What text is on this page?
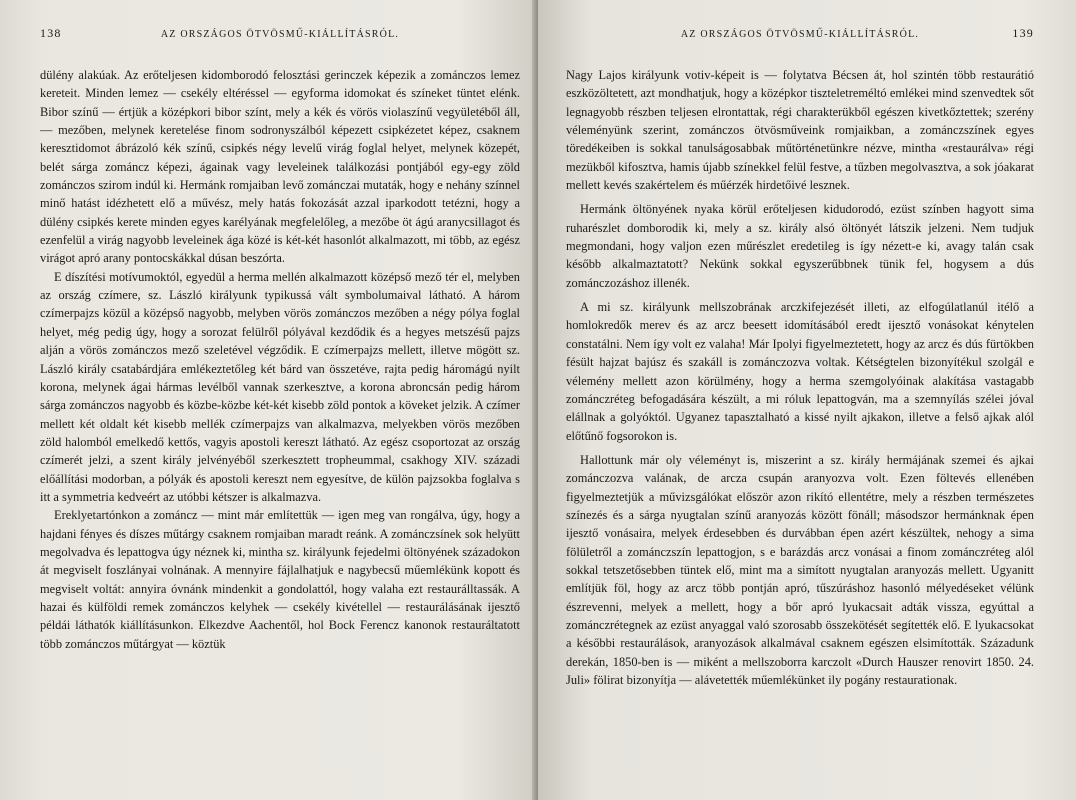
138	AZ ORSZÁGOS ÖTVÖSMŰ-KIÁLLÍTÁSRÓL.

dülény alakúak. Az erőteljesen kidomborodó felosztási gerinczek képezik a zománczos lemez kereteit. Minden lemez — csekély eltéréssel — egyforma idomokat és színeket tüntet elénk. Bibor színű — értjük a középkori bibor színt, mely a kék és vörös violaszínű vegyületéből áll, — mezőben, melynek keretelése finom sodronyszálból képezett csipkézetet képez, csaknem keresztidomot ábrázoló kék színű, csipkés négy levelű virág foglal helyet, melynek közepét, belét sárga zománcz képezi, ágainak vagy leveleinek találkozási pontjából egy-egy zöld zománczos szirom indúl ki. Hermánk romjaiban levő zománczai mutaták, hogy e nehány színnel minő hatást idézhetett elő a művész, mely hatás fokozását azzal iparkodott tetézni, hogy a dülény csipkés kerete minden egyes karélyának megfelelőleg, a mezőbe öt ágú aranycsillagot és ezenfelül a virág nagyobb leveleinek ága közé is két-két hasonlót alkalmazott, mi több, az egész virágot apró arany pontocskákkal dúsan beszórta.

E díszítési motívumoktól, egyedül a herma mellén alkalmazott középső mező tér el, melyben az ország czímere, sz. László királyunk typikussá vált symbolumaival látható. A három czímerpajzs közül a középső nagyobb, melyben vörös zománczos mezőben a négy pólya foglal helyet, még pedig úgy, hogy a sorozat felülről pólyával kezdődik és a hegyes metszésű pajzs alján a vörös zománczos mező szeletével végződik. E czímerpajzs mellett, illetve mögött sz. László király csatabárdjára emlékeztetőleg két bárd van összetéve, rajta pedig háromágú nyilt korona, melynek ágai hármas levélből vannak szerkesztve, a korona abroncsán pedig három sárga zománczos nagyobb és közbe-közbe két-két kisebb zöld pontok a köveket jelzik. A czímer mellett két oldalt két kisebb mellék czímerpajzs van alkalmazva, melyekben vörös mezőben zöld halomból emelkedő kettős, vagyis apostoli kereszt látható. Az egész csoportozat az ország czímerét jelzi, a szent király jelvényéből szerkesztett tropheummal, csakhogy XIV. századi előállítási modorban, a pólyák és apostoli kereszt nem egyesítve, de külön pajzsokba foglalva s itt a symmetria kedveért az utóbbi kétszer is alkalmazva.

Ereklyetartónkon a zománcz — mint már említettük — igen meg van rongálva, úgy, hogy a hajdani fényes és díszes műtárgy csaknem romjaiban maradt reánk. A zománczsínek sok helyütt megolvadva és lepattogva úgy néznek ki, mintha sz. királyunk fejedelmi öltönyének századokon át megviselt foszlányai volnának. A mennyire fájlalhatjuk e nagybecsű műemlékünk kopott és megviselt voltát: annyira óvnánk mindenkit a gondolattól, hogy valaha ezt restaurálltassák. A hazai és külföldi remek zománczos kelyhek — csekély kivétellel — restaurálásának ijesztő példái láthatók kiállításunkon. Elkezdve Aachentől, hol Bock Ferencz kanonok restauráltatott több zománczos műtárgyat — köztük

AZ ORSZÁGOS ÖTVÖSMŰ-KIÁLLÍTÁSRÓL.	139

Nagy Lajos királyunk votiv-képeit is — folytatva Bécsen át, hol szintén több restaurátió eszközöltetett, azt mondhatjuk, hogy a középkor tiszteletreméltó emlékei mind szenvedtek sőt legnagyobb részben teljesen elrontattak, régi charakterükből egészen kivetkőztettek; szerény véleményünk szerint, zománczos ötvösműveink romjaikban, a zománczszínek egyes töredékeiben is sokkal tanulságosabbak műtörténetünkre nézve, mintha «restaurálva» régi mezükből kifosztva, hamis újabb színekkel felül festve, a tűzben megolvasztva, a sok jóakarat mellett kevés szakértelem és műérzék hirdetőivé lesznek.

Hermánk öltönyének nyaka körül erőteljesen kidudorodó, ezüst színben hagyott sima ruharészlet domborodik ki, mely a sz. király alsó öltönyét látszik jelzeni. Nem tudjuk megmondani, hogy valjon ezen műrészlet eredetileg is így nézett-e ki, avagy talán csak később alkalmaztatott? Nekünk sokkal egyszerűbbnek tünik fel, hogysem a dús zománczozáshoz illenék.

A mi sz. királyunk mellszobrának arczkifejezését illeti, az elfogúlatlanúl itélő a homlokredők merev és az arcz beesett idomításából eredt ijesztő vonásokat kénytelen constatálni. Nem így volt ez valaha! Már Ipolyi figyelmeztetett, hogy az arcz és dús fürtökben fésült hajzat bajúsz és szakáll is zománczozva voltak. Kétségtelen bizonyítékul szolgál e vélemény mellett azon körülmény, hogy a herma szemgolyóinak alakítása vastagabb zománczréteg befogadására készült, a mi róluk lepattogván, ma a szemnyílás szélei jóval elállnak a golyóktól. Ugyanez tapasztalható a kissé nyilt ajkakon, illetve a felső ajkak alól előtűnő fogsorokon is.

Hallottunk már oly véleményt is, miszerint a sz. király hermájának szemei és ajkai zománczozva valának, de arcza csupán aranyozva volt. Ezen föltevés ellenében figyelmeztetjük a művizsgálókat először azon rikító ellentétre, mely a részben természetes színezés és a sárga nyugtalan színű aranyozás között fönáll; másodszor hermánknak épen ijesztő vonásaira, melyek érdesebben és durvábban épen azért készültek, nehogy a sima fölületről a zománczszín lepattogjon, s e barázdás arcz vonásai a finom zománczréteg alól sokkal tetszetősebben tüntek elő, mint ma a simított nyugtalan aranyozás mellett. Ugyanitt említjük föl, hogy az arcz több pontján apró, tűszúráshoz hasonló mélyedéseket vélünk észrevenni, melyek a mellett, hogy a bőr apró lyukacsait adták vissza, egyúttal a zománczrétegnek az ezüst anyaggal való szorosabb összekötését segítették elő. E lyukacsokat a későbbi restaurálások, aranyozások alkalmával csaknem egészen elsimították. Századunk derekán, 1850-ben is — miként a mellszoborra karczolt «Durch Hauszer renovirt 1850. 24. Juli» fölirat bizonyítja — alávetették műemlékünket ily pogány restaurationak.
